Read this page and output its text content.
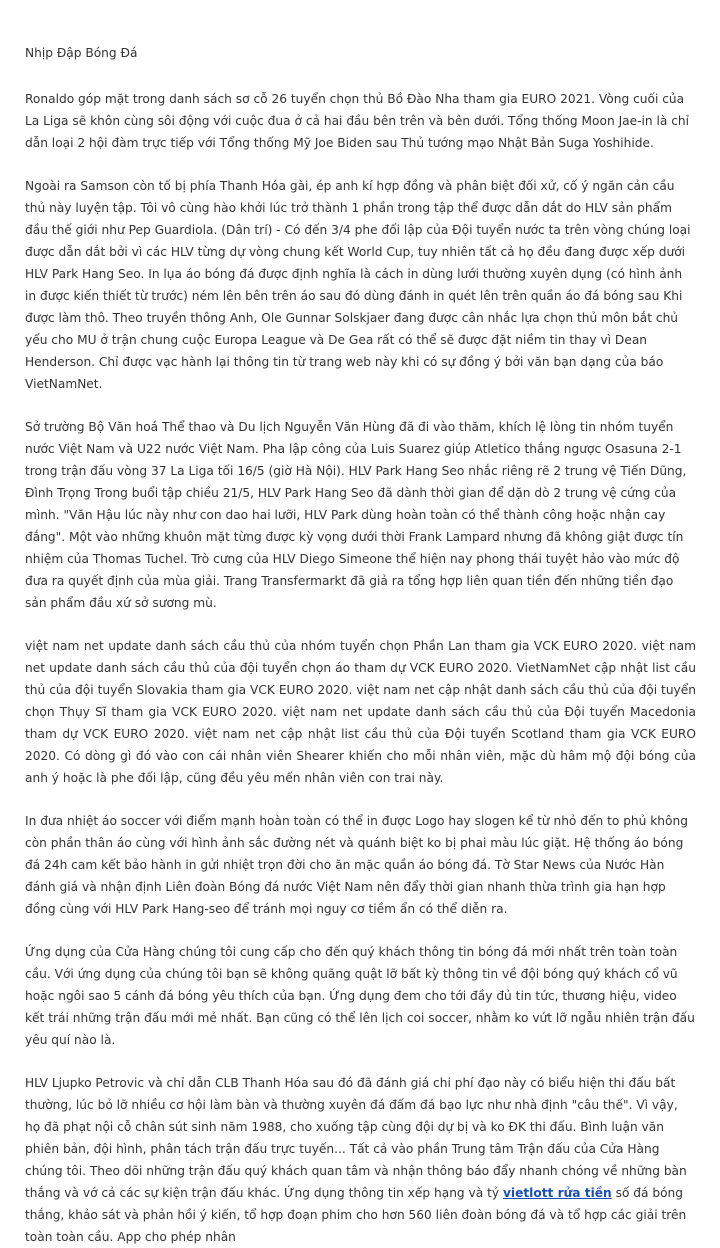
Nhịp Đập Bóng Đá

Ronaldo góp mặt trong danh sách sơ cỗ 26 tuyển chọn thủ Bồ Đào Nha tham gia EURO 2021. Vòng cuối của La Liga sẽ khôn cùng sôi động với cuộc đua ở cả hai đầu bên trên và bên dưới. Tổng thống Moon Jae-in là chỉ dẫn loại 2 hội đàm trực tiếp với Tổng thống Mỹ Joe Biden sau Thủ tướng mạo Nhật Bản Suga Yoshihide.

Ngoài ra Samson còn tố bị phía Thanh Hóa gài, ép anh kí hợp đồng và phân biệt đối xử, cố ý ngăn cản cầu thủ này luyện tập. Tôi vô cùng hào khởi lúc trở thành 1 phần trong tập thể được dẫn dắt do HLV sản phẩm đầu thế giới như Pep Guardiola. (Dân trí) - Có đến 3/4 phe đối lập của Đội tuyển nước ta trên vòng chúng loại được dẫn dắt bởi vì các HLV từng dự vòng chung kết World Cup, tuy nhiên tất cả họ đều đang được xếp dưới HLV Park Hang Seo. In lụa áo bóng đá được định nghĩa là cách in dùng lưới thường xuyên dụng (có hình ảnh in được kiến thiết từ trước) ném lên bên trên áo sau đó dùng đánh in quét lên trên quần áo đá bóng sau Khi được làm thô. Theo truyền thông Anh, Ole Gunnar Solskjaer đang được cân nhắc lựa chọn thủ môn bắt chủ yếu cho MU ở trận chung cuộc Europa League và De Gea rất có thể sẽ được đặt niềm tin thay vì Dean Henderson. Chỉ được vạc hành lại thông tin từ trang web này khi có sự đồng ý bởi văn bạn dạng của báo VietNamNet.

Sở trường Bộ Văn hoá Thể thao và Du lịch Nguyễn Văn Hùng đã đi vào thăm, khích lệ lòng tin nhóm tuyển nước Việt Nam và U22 nước Việt Nam. Pha lập công của Luis Suarez giúp Atletico thắng ngược Osasuna 2-1 trong trận đấu vòng 37 La Liga tối 16/5 (giờ Hà Nội). HLV Park Hang Seo nhắc riêng rẽ 2 trung vệ Tiến Dũng, Đình Trọng Trong buổi tập chiều 21/5, HLV Park Hang Seo đã dành thời gian để dặn dò 2 trung vệ cứng của mình. "Văn Hậu lúc này như con dao hai lưỡi, HLV Park dùng hoàn toàn có thể thành công hoặc nhận cay đắng". Một vào những khuôn mặt từng được kỳ vọng dưới thời Frank Lampard nhưng đã không giật được tín nhiệm của Thomas Tuchel. Trò cưng của HLV Diego Simeone thể hiện nay phong thái tuyệt hảo vào mức độ đưa ra quyết định của mùa giải. Trang Transfermarkt đã giả ra tổng hợp liên quan tiền đến những tiền đạo sản phẩm đầu xứ sở sương mù.

việt nam net update danh sách cầu thủ của nhóm tuyển chọn Phần Lan tham gia VCK EURO 2020. việt nam net update danh sách cầu thủ của đội tuyển chọn áo tham dự VCK EURO 2020. VietNamNet cập nhật list cầu thủ của đội tuyển Slovakia tham gia VCK EURO 2020. việt nam net cập nhật danh sách cầu thủ của đội tuyển chọn Thụy Sĩ tham gia VCK EURO 2020. việt nam net update danh sách cầu thủ của Đội tuyển Macedonia tham dự VCK EURO 2020. việt nam net cập nhật list cầu thủ của Đội tuyển Scotland tham gia VCK EURO 2020. Có dòng gì đó vào con cái nhân viên Shearer khiến cho mỗi nhân viên, mặc dù hâm mộ đội bóng của anh ý hoặc là phe đối lập, cũng đều yêu mến nhân viên con trai này.

In đưa nhiệt áo soccer với điểm mạnh hoàn toàn có thể in được Logo hay slogen kể từ nhỏ đến to phủ không còn phần thân áo cùng với hình ảnh sắc đường nét và quánh biệt ko bị phai màu lúc giặt. Hệ thống áo bóng đá 24h cam kết bảo hành in gửi nhiệt trọn đời cho ăn mặc quần áo bóng đá. Tờ Star News của Nước Hàn đánh giá và nhận định Liên đoàn Bóng đá nước Việt Nam nên đẩy thời gian nhanh thừa trình gia hạn hợp đồng cùng với HLV Park Hang-seo để tránh mọi nguy cơ tiềm ẩn có thể diễn ra.

Ứng dụng của Cửa Hàng chúng tôi cung cấp cho đến quý khách thông tin bóng đá mới nhất trên toàn toàn cầu. Với ứng dụng của chúng tôi bạn sẽ không quãng quật lỡ bất kỳ thông tin về đội bóng quý khách cổ vũ hoặc ngôi sao 5 cánh đá bóng yêu thích của bạn. Ứng dụng đem cho tới đầy đủ tin tức, thương hiệu, video kết trái những trận đấu mới mẻ nhất. Bạn cũng có thể lên lịch coi soccer, nhằm ko vứt lỡ ngẫu nhiên trận đấu yêu quí nào là.

HLV Ljupko Petrovic và chỉ dẫn CLB Thanh Hóa sau đó đã đánh giá chi phí đạo này có biểu hiện thi đấu bất thường, lúc bỏ lỡ nhiều cơ hội làm bàn và thường xuyên đá đấm đá bạo lực như nhà định "câu thế". Vì vậy, họ đã phạt nội cỗ chân sút sinh năm 1988, cho xuống tập cùng đội dự bị và ko ĐK thi đấu. Bình luận văn phiên bản, đội hình, phân tách trận đấu trực tuyến... Tất cả vào phần Trung tâm Trận đấu của Cửa Hàng chúng tôi. Theo dõi những trận đấu quý khách quan tâm và nhận thông báo đẩy nhanh chóng về những bàn thắng và vớ cả các sự kiện trận đấu khác. Ứng dụng thông tin xếp hạng và tỷ vietlott rửa tiền số đá bóng thắng, khảo sát và phản hồi ý kiến, tổ hợp đoạn phim cho hơn 560 liên đoàn bóng đá và tổ hợp các giải trên toàn toàn cầu. App cho phép nhân
